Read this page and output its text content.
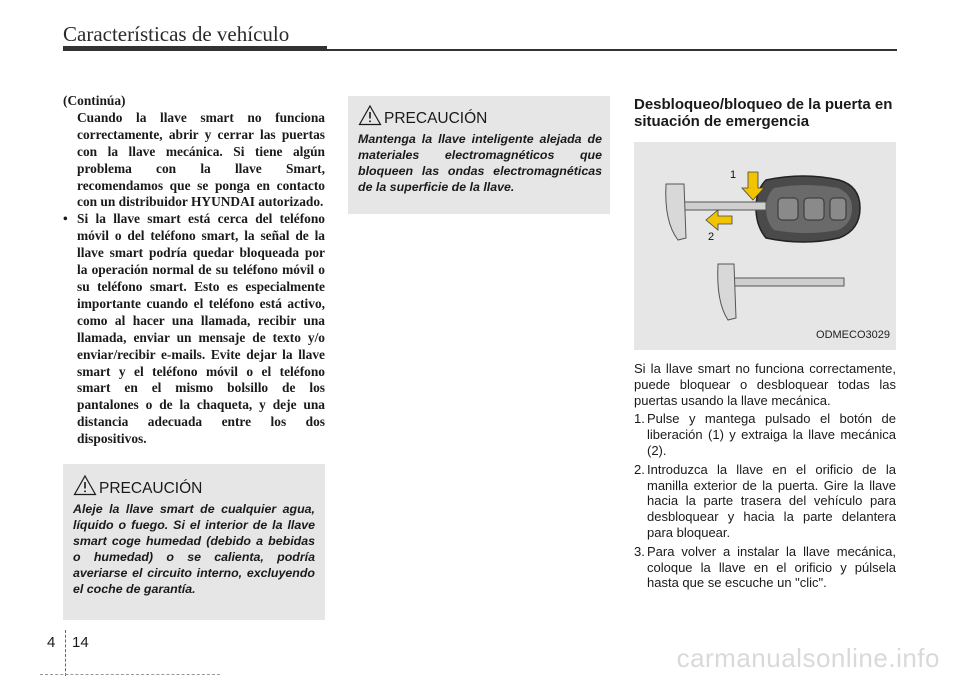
Características de vehículo

(Continúa)

Cuando la llave smart no funciona correctamente, abrir y cerrar las puertas con la llave mecánica. Si tiene algún problema con la llave Smart, recomendamos que se ponga en contacto con un distribuidor HYUNDAI autorizado.

• Si la llave smart está cerca del teléfono móvil o del teléfono smart, la señal de la llave smart podría quedar bloqueada por la operación normal de su teléfono móvil o su teléfono smart. Esto es especialmente importante cuando el teléfono está activo, como al hacer una llamada, recibir una llamada, enviar un mensaje de texto y/o enviar/recibir e-mails. Evite dejar la llave smart y el teléfono móvil o el teléfono smart en el mismo bolsillo de los pantalones o de la chaqueta, y deje una distancia adecuada entre los dos dispositivos.
PRECAUCIÓN
Aleje la llave smart de cualquier agua, líquido o fuego. Si el interior de la llave smart coge humedad (debido a bebidas o humedad) o se calienta, podría averiarse el circuito interno, excluyendo el coche de garantía.
PRECAUCIÓN
Mantenga la llave inteligente alejada de materiales electromagnéticos que bloqueen las ondas electromagnéticas de la superficie de la llave.
Desbloqueo/bloqueo de la puerta en situación de emergencia
1
2
ODMECO3029

Si la llave smart no funciona correctamente, puede bloquear o desbloquear todas las puertas usando la llave mecánica.

1. Pulse y mantega pulsado el botón de liberación (1) y extraiga la llave mecánica (2).
2. Introduzca la llave en el orificio de la manilla exterior de la puerta. Gire la llave hacia la parte trasera del vehículo para desbloquear y hacia la parte delantera para bloquear.
3. Para volver a instalar la llave mecánica, coloque la llave en el orificio y púlsela hasta que se escuche un "clic".
4 14
carmanualsonline.info
